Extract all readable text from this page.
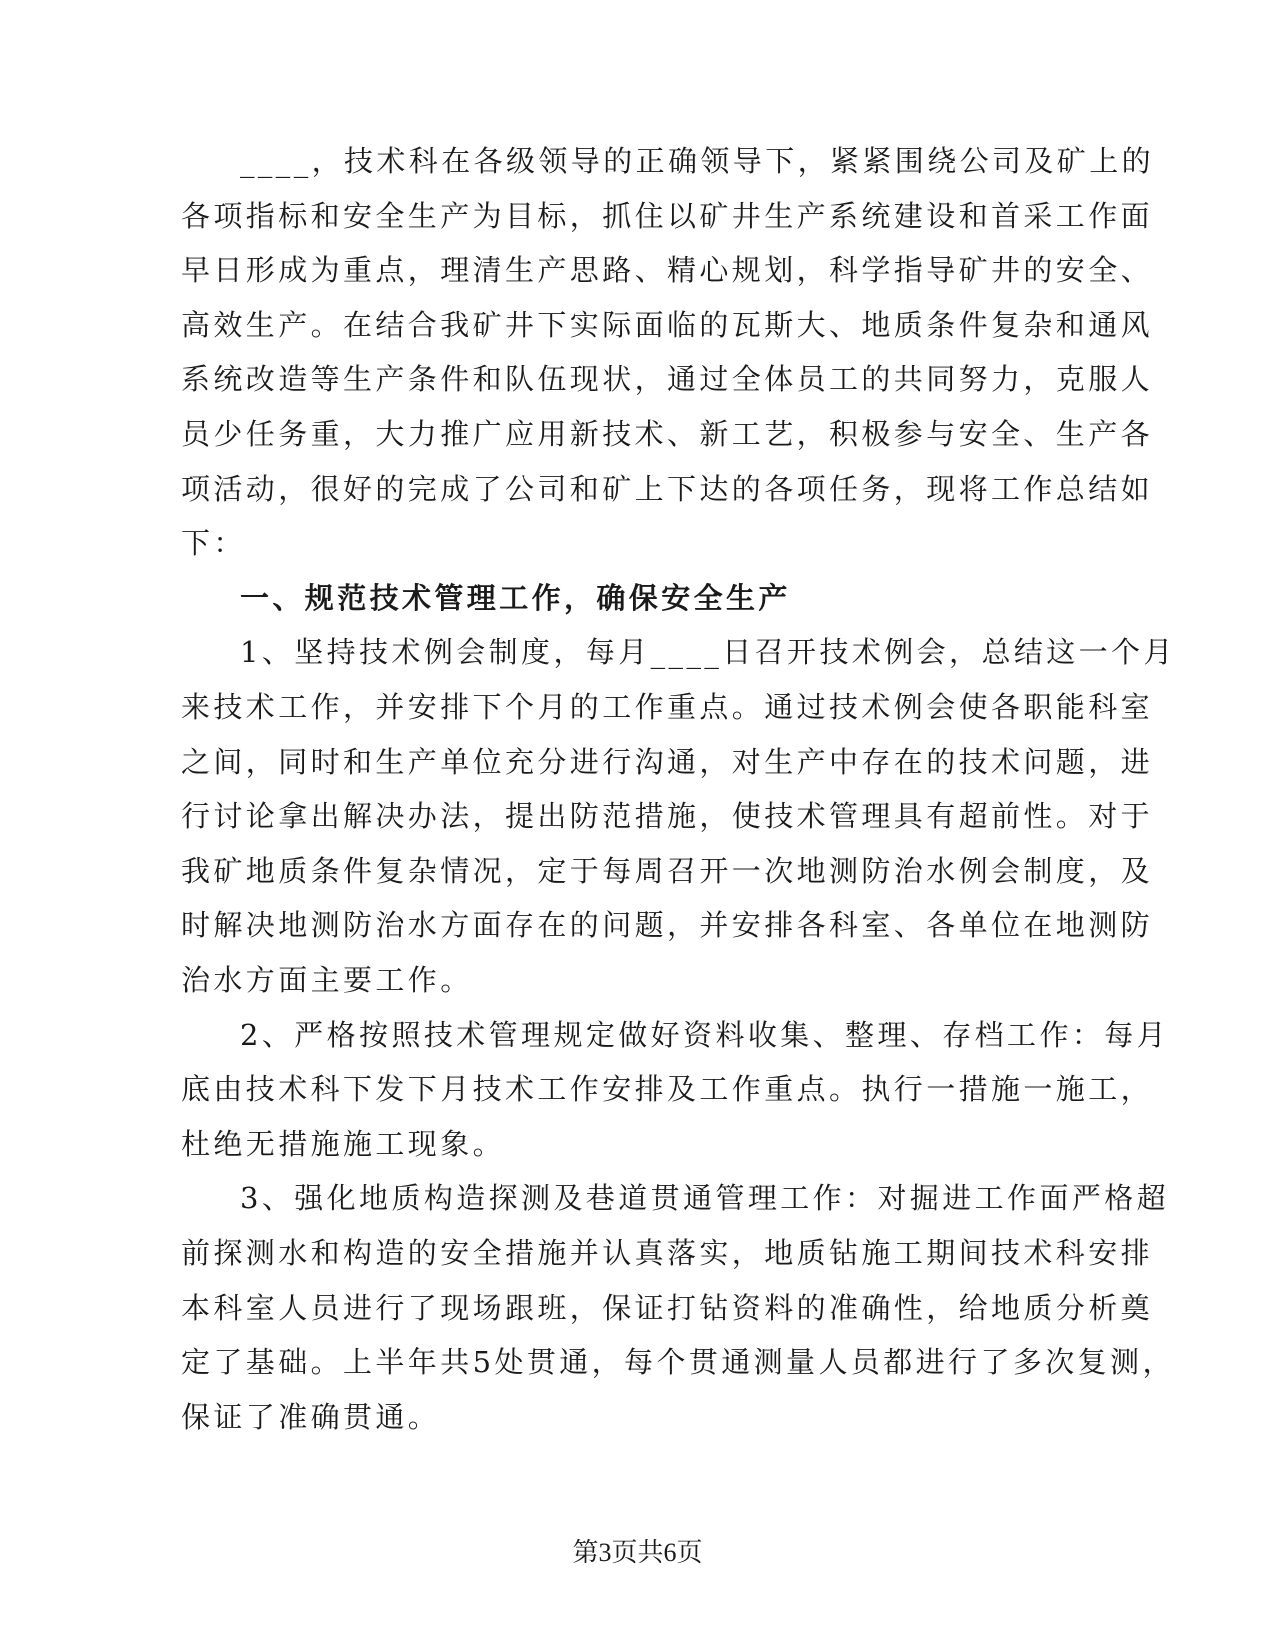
____，技术科在各级领导的正确领导下，紧紧围绕公司及矿上的
各项指标和安全生产为目标，抓住以矿井生产系统建设和首采工作面
早日形成为重点，理清生产思路、精心规划，科学指导矿井的安全、
高效生产。在结合我矿井下实际面临的瓦斯大、地质条件复杂和通风
系统改造等生产条件和队伍现状，通过全体员工的共同努力，克服人
员少任务重，大力推广应用新技术、新工艺，积极参与安全、生产各
项活动，很好的完成了公司和矿上下达的各项任务，现将工作总结如
下：
一、规范技术管理工作，确保安全生产
1、坚持技术例会制度，每月____日召开技术例会，总结这一个月
来技术工作，并安排下个月的工作重点。通过技术例会使各职能科室
之间，同时和生产单位充分进行沟通，对生产中存在的技术问题，进
行讨论拿出解决办法，提出防范措施，使技术管理具有超前性。对于
我矿地质条件复杂情况，定于每周召开一次地测防治水例会制度，及
时解决地测防治水方面存在的问题，并安排各科室、各单位在地测防
治水方面主要工作。
2、严格按照技术管理规定做好资料收集、整理、存档工作：每月
底由技术科下发下月技术工作安排及工作重点。执行一措施一施工，
杜绝无措施施工现象。
3、强化地质构造探测及巷道贯通管理工作：对掘进工作面严格超
前探测水和构造的安全措施并认真落实，地质钻施工期间技术科安排
本科室人员进行了现场跟班，保证打钻资料的准确性，给地质分析奠
定了基础。上半年共5处贯通，每个贯通测量人员都进行了多次复测，
保证了准确贯通。
第3页共6页
